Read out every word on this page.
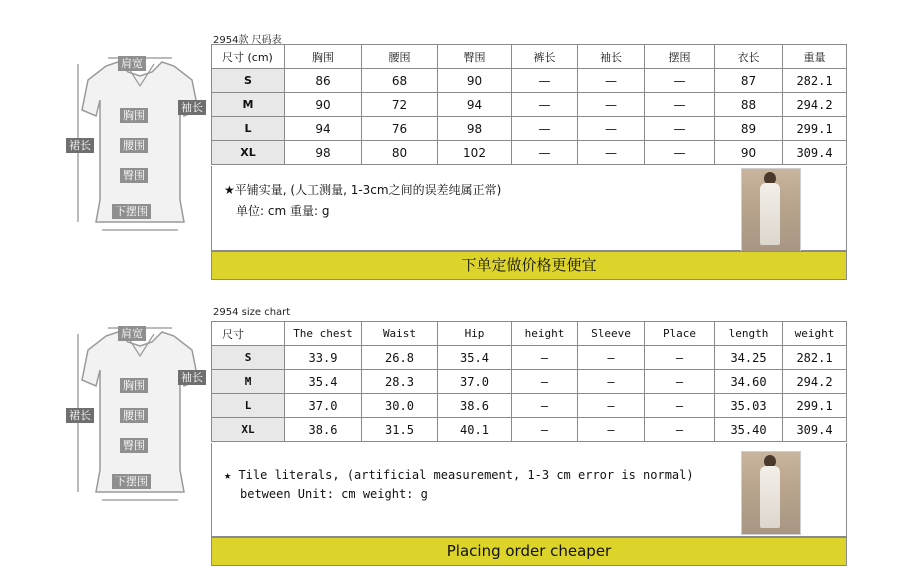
肩宽
袖长
胸围
裙长	腰围
臀围
下摆围
2954款 尺码表
尺寸 (cm)	胸围	腰围	臀围	裤长	袖长	摆围	衣长	重量
S	86	68	90	—	—	—	87	282.1
M	90	72	94	—	—	—	88	294.2
L	94	76	98	—	—	—	89	299.1
XL	98	80	102	—	—	—	90	309.4
★平铺实量, (人工测量, 1-3cm之间的误差纯属正常)
单位: cm 重量: g
下单定做价格更便宜
肩宽
袖长
胸围
裙长	腰围
臀围
下摆围
2954 size chart
尺寸	The chest	Waist	Hip	height	Sleeve	Place	length	weight
S	33.9	26.8	35.4	—	—	—	34.25	282.1
M	35.4	28.3	37.0	—	—	—	34.60	294.2
L	37.0	30.0	38.6	—	—	—	35.03	299.1
XL	38.6	31.5	40.1	—	—	—	35.40	309.4
★ Tile literals, (artificial measurement, 1-3 cm error is normal)
between Unit: cm weight: g
Placing order cheaper
